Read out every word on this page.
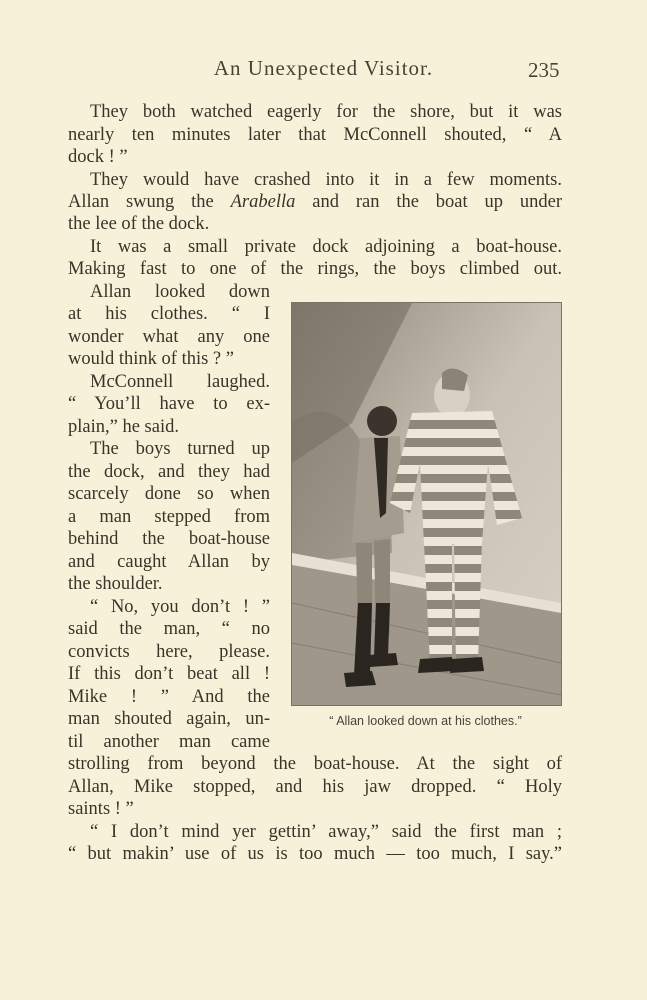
An Unexpected Visitor.	235
They both watched eagerly for the shore, but it was
nearly ten minutes later that McConnell shouted, “ A
dock ! ”
They would have crashed into it in a few moments.
Allan swung the Arabella and ran the boat up under
the lee of the dock.
It was a small private dock adjoining a boat-house.
Making fast to one of the rings, the boys climbed out.
Allan looked down
at his clothes. “ I
wonder what any one
would think of this ? ”
McConnell laughed.
“ You’ll have to ex-
plain,” he said.
The boys turned up
the dock, and they had
scarcely done so when
a man stepped from
behind the boat-house
and caught Allan by
the shoulder.
“ No, you don’t ! ”
said the man, “ no
convicts here, please.
If this don’t beat all !
Mike ! ” And the
man shouted again, un-
til another man came
strolling from beyond the boat-house. At the sight of
Allan, Mike stopped, and his jaw dropped. “ Holy
saints ! ”
“ I don’t mind yer gettin’ away,” said the first man ;
“ but makin’ use of us is too much — too much, I say.”
“ Allan looked down at his clothes.”
